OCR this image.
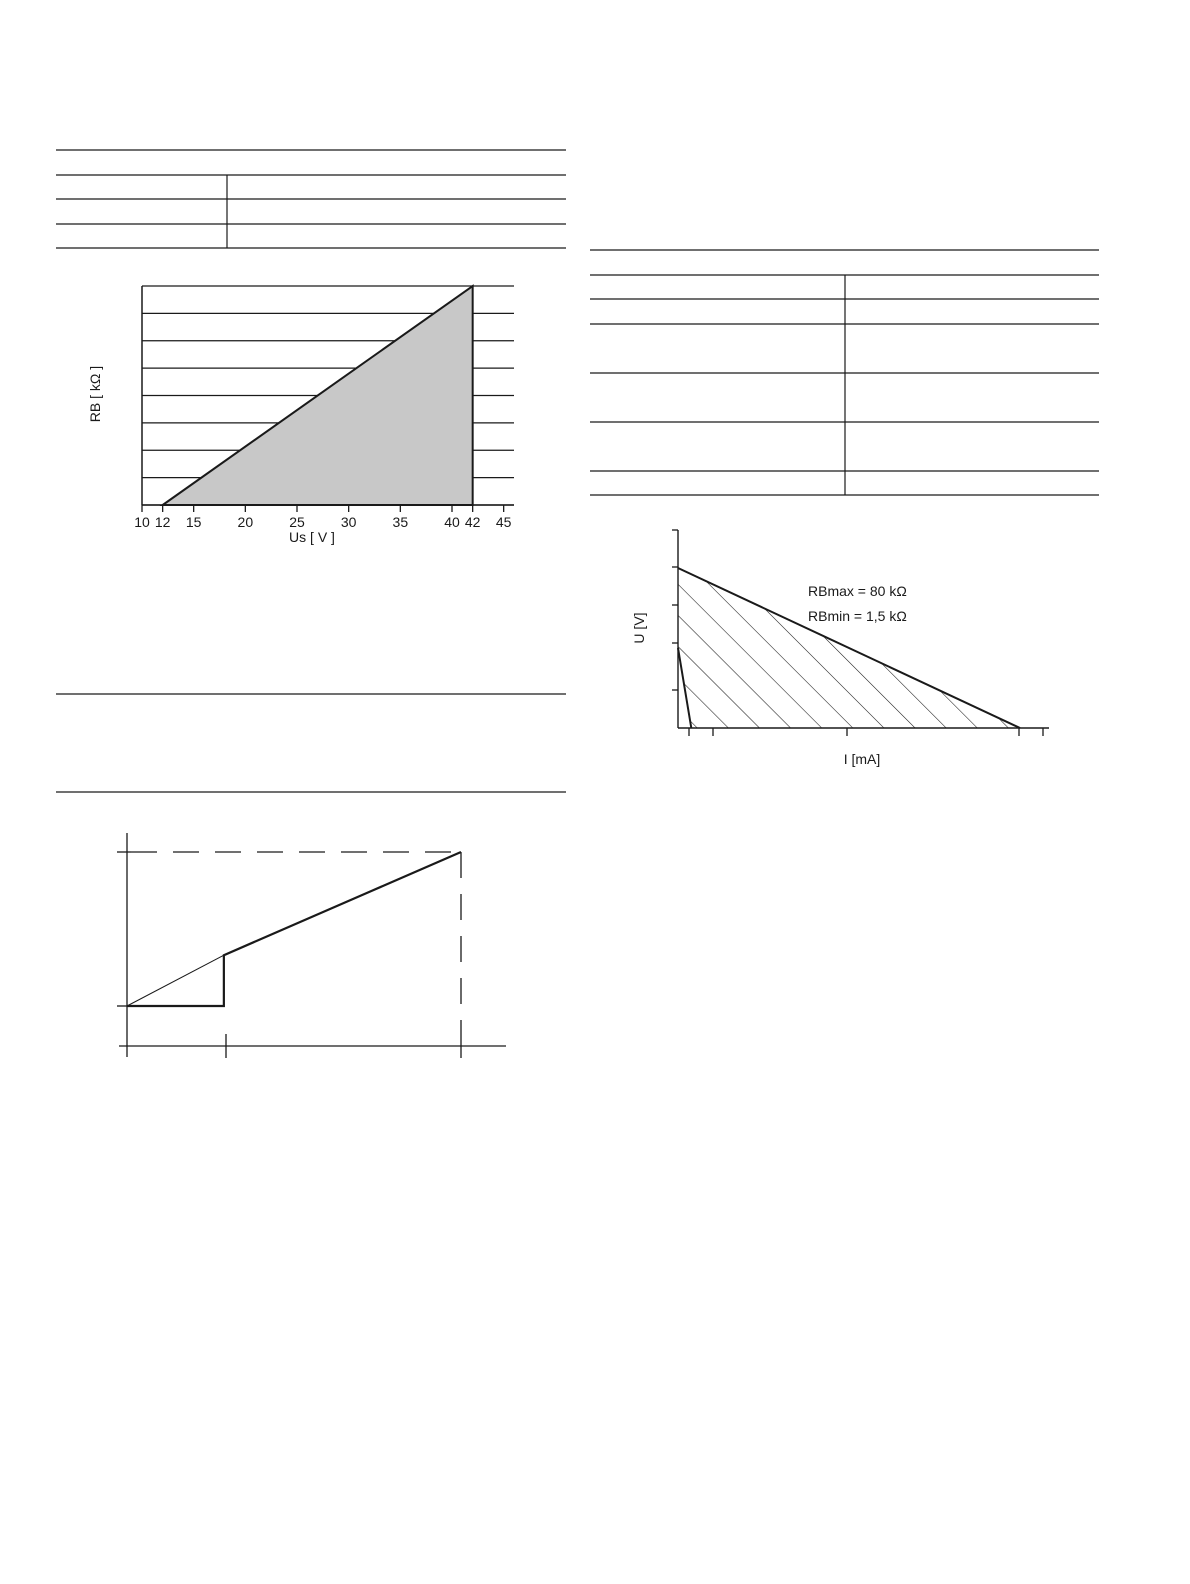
10 12 15	20	25	30	35	40 42 45
Us [ V ]
RB [ kΩ ]
I [mA]
U [V]
RBmax = 80 kΩ
RBmin = 1,5 kΩ
